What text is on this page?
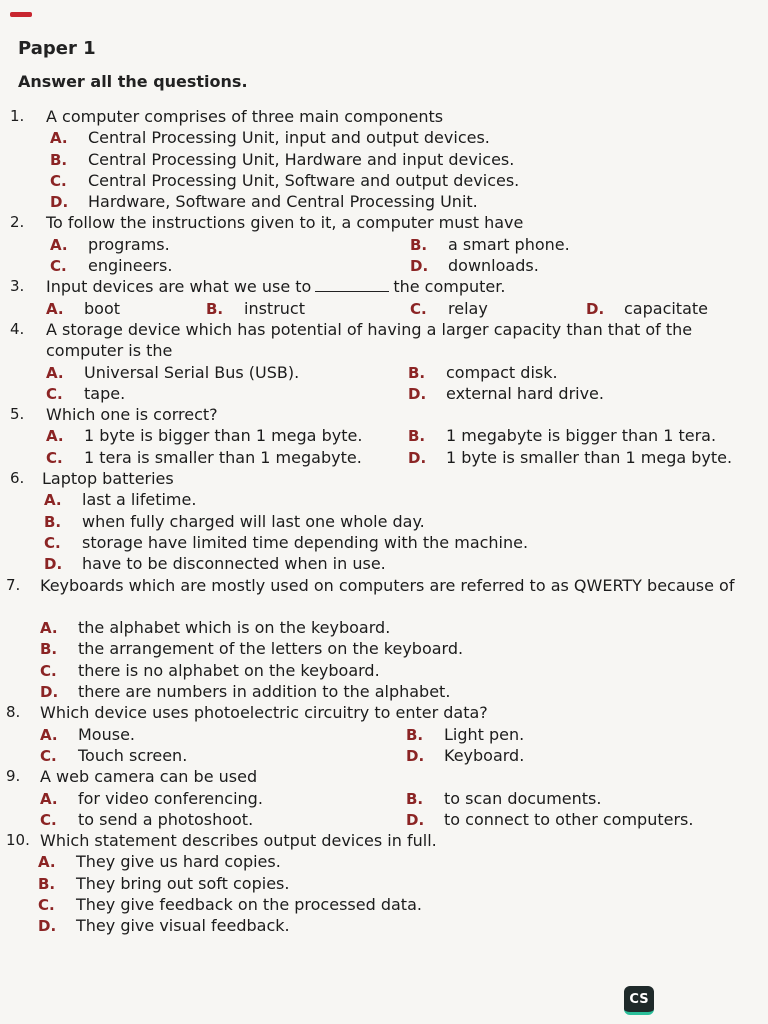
Paper 1
Answer all the questions.
1.	A computer comprises of three main components
A. Central Processing Unit, input and output devices.
B. Central Processing Unit, Hardware and input devices.
C. Central Processing Unit, Software and output devices.
D. Hardware, Software and Central Processing Unit.
2.	To follow the instructions given to it, a computer must have
A. programs.	B. a smart phone.
C. engineers.	D. downloads.
3.	Input devices are what we use to	the computer.
A. boot	B. instruct	C. relay	D. capacitate
4.	A storage device which has potential of having a larger capacity than that of the computer is the
A. Universal Serial Bus (USB).	B. compact disk.
C. tape.	D. external hard drive.
5.	Which one is correct?
A. 1 byte is bigger than 1 mega byte.	B. 1 megabyte is bigger than 1 tera.
C. 1 tera is smaller than 1 megabyte.	D. 1 byte is smaller than 1 mega byte.
6.	Laptop batteries
A. last a lifetime.
B. when fully charged will last one whole day.
C. storage have limited time depending with the machine.
D. have to be disconnected when in use.
7.	Keyboards which are mostly used on computers are referred to as QWERTY because of
A. the alphabet which is on the keyboard.
B. the arrangement of the letters on the keyboard.
C. there is no alphabet on the keyboard.
D. there are numbers in addition to the alphabet.
8.	Which device uses photoelectric circuitry to enter data?
A. Mouse.	B. Light pen.
C. Touch screen.	D. Keyboard.
9.	A web camera can be used
A. for video conferencing.	B. to scan documents.
C. to send a photoshoot.	D. to connect to other computers.
10. Which statement describes output devices in full.
A. They give us hard copies.
B. They bring out soft copies.
C. They give feedback on the processed data.
D. They give visual feedback.
CS
